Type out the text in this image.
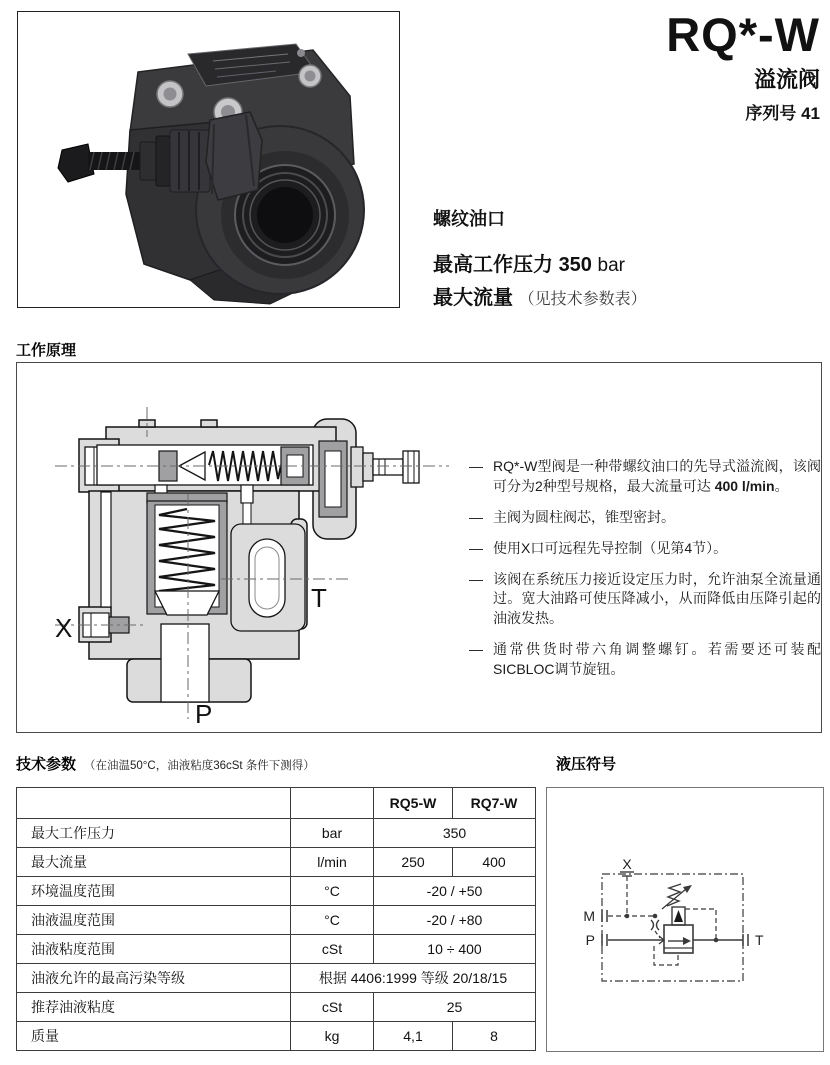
RQ*-W
溢流阀
序列号 41
螺纹油口
最高工作压力 350 bar
最大流量 （见技术参数表）
工作原理
X
T
P
— RQ*-W型阀是一种带螺纹油口的先导式溢流阀，该阀可分为2种型号规格，最大流量可达 400 l/min。
— 主阀为圆柱阀芯，锥型密封。
— 使用X口可远程先导控制（见第4节）。
— 该阀在系统压力接近设定压力时，允许油泵全流量通过。宽大油路可使压降减小，从而降低由压降引起的油液发热。
— 通常供货时带六角调整螺钉。若需要还可装配SICBLOC调节旋钮。
技术参数 （在油温50°C，油液粘度36cSt 条件下测得）
		RQ5-W	RQ7-W
最大工作压力	bar	350	
最大流量	l/min	250	400
环境温度范围	°C	-20 / +50	
油液温度范围	°C	-20 / +80	
油液粘度范围	cSt	10 ÷ 400	
油液允许的最高污染等级	根据 4406:1999 等级 20/18/15		
推荐油液粘度	cSt	25	
质量	kg	4,1	8
液压符号
X
M
P	T
